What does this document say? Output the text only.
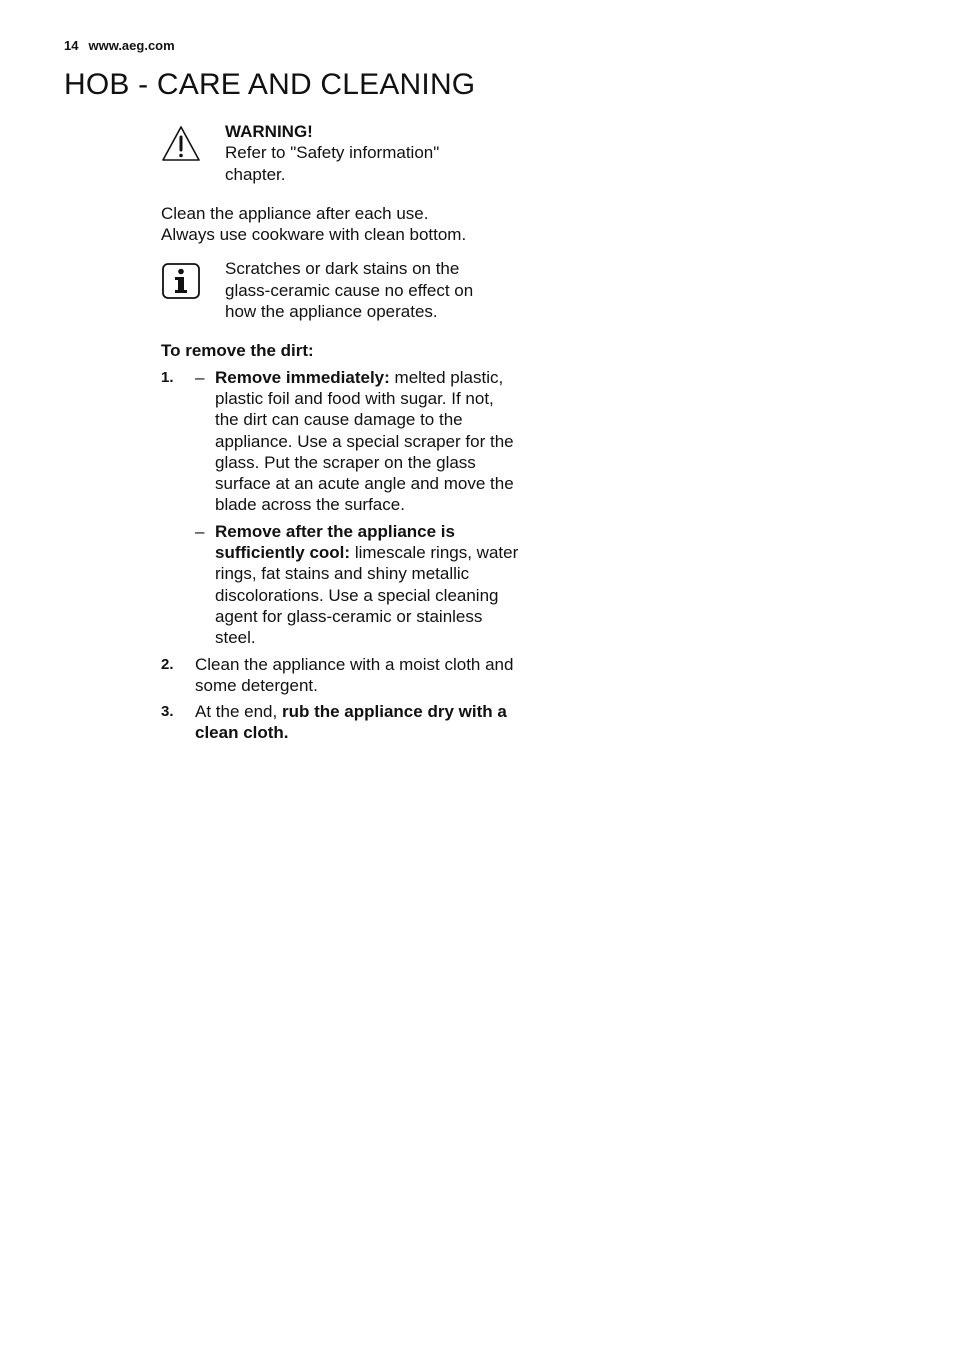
14 www.aeg.com
HOB - CARE AND CLEANING

WARNING!

Refer to "Safety information"
chapter.

Clean the appliance after each use.
Always use cookware with clean bottom.

Scratches or dark stains on the
glass-ceramic cause no effect on
how the appliance operates.

To remove the dirt:

1. – Remove immediately: melted plastic, plastic foil and food with sugar. If not, the dirt can cause damage to the appliance. Use a special scraper for the glass. Put the scraper on the glass surface at an acute angle and move the blade across the surface.
– Remove after the appliance is sufficiently cool: limescale rings, water rings, fat stains and shiny metallic discolorations. Use a special cleaning agent for glass-ceramic or stainless steel.
2. Clean the appliance with a moist cloth and some detergent.
3. At the end, rub the appliance dry with a clean cloth.
